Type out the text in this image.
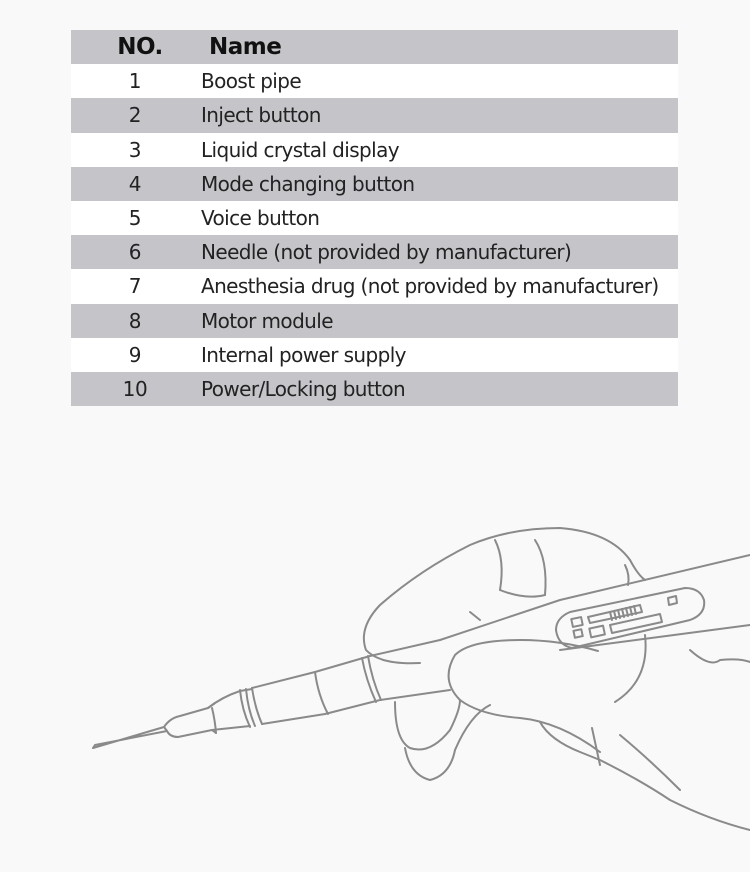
NO.	Name
1	Boost pipe
2	Inject button
3	Liquid crystal display
4	Mode changing button
5	Voice button
6	Needle (not provided by manufacturer)
7	Anesthesia drug (not provided by manufacturer)
8	Motor module
9	Internal power supply
10	Power/Locking button
